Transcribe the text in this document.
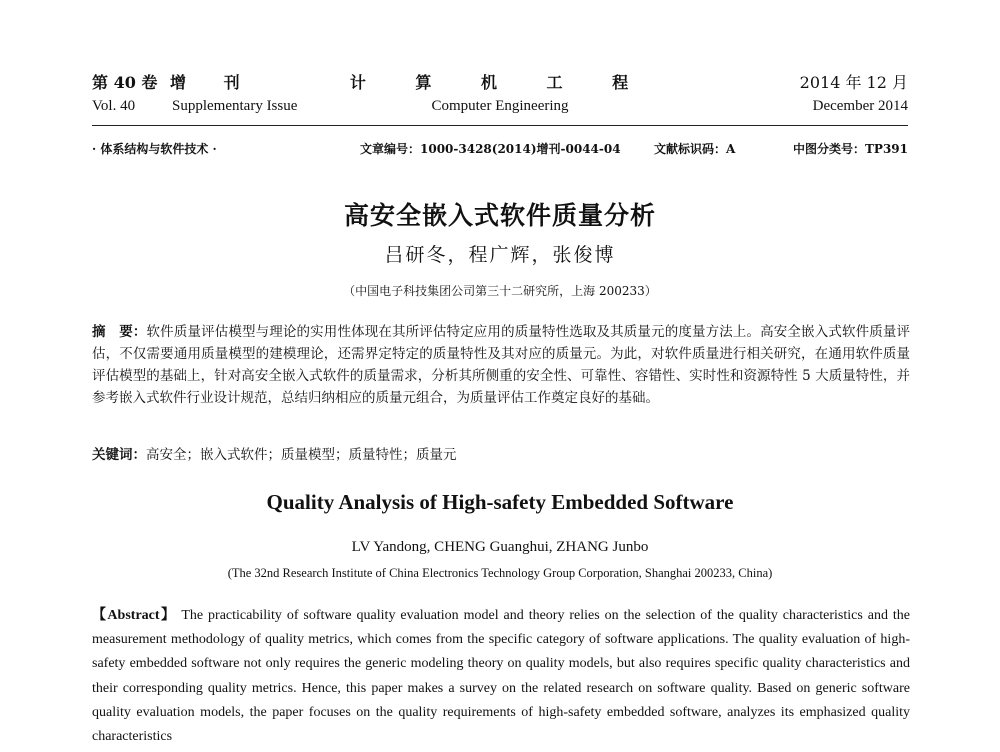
第 40 卷 增 刊
Vol. 40 Supplementary Issue
计 算 机 工 程
Computer Engineering
2014 年 12 月
December 2014
· 体系结构与软件技术 ·	文章编号：1000-3428(2014)增刊-0044-04	文献标识码：A	中图分类号：TP391
高安全嵌入式软件质量分析
吕研冬，程广辉，张俊博
（中国电子科技集团公司第三十二研究所，上海 200233）
摘　要：软件质量评估模型与理论的实用性体现在其所评估特定应用的质量特性选取及其质量元的度量方法上。高安全嵌入式软件质量评估，不仅需要通用质量模型的建模理论，还需界定特定的质量特性及其对应的质量元。为此，对软件质量进行相关研究，在通用软件质量评估模型的基础上，针对高安全嵌入式软件的质量需求，分析其所侧重的安全性、可靠性、容错性、实时性和资源特性 5 大质量特性，并参考嵌入式软件行业设计规范，总结归纳相应的质量元组合，为质量评估工作奠定良好的基础。
关键词：高安全；嵌入式软件；质量模型；质量特性；质量元
Quality Analysis of High-safety Embedded Software
LV Yandong, CHENG Guanghui, ZHANG Junbo
(The 32nd Research Institute of China Electronics Technology Group Corporation, Shanghai 200233, China)
【Abstract】 The practicability of software quality evaluation model and theory relies on the selection of the quality characteristics and the measurement methodology of quality metrics, which comes from the specific category of software applications. The quality evaluation of high-safety embedded software not only requires the generic modeling theory on quality models, but also requires specific quality characteristics and their corresponding quality metrics. Hence, this paper makes a survey on the related research on software quality. Based on generic software quality evaluation models, the paper focuses on the quality requirements of high-safety embedded software, analyzes its emphasized quality characteristics
